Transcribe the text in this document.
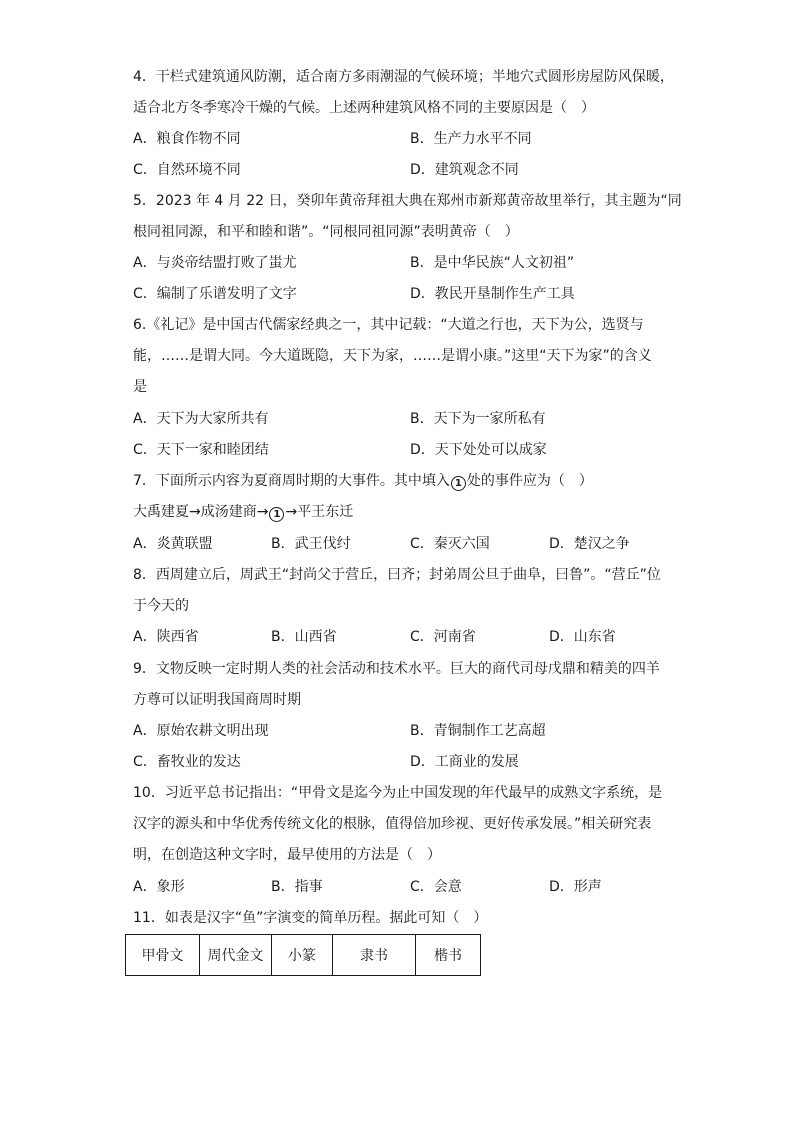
4．干栏式建筑通风防潮，适合南方多雨潮湿的气候环境；半地穴式圆形房屋防风保暖，
适合北方冬季寒冷干燥的气候。上述两种建筑风格不同的主要原因是（　）
A．粮食作物不同	B．生产力水平不同
C．自然环境不同	D．建筑观念不同
5．2023 年 4 月 22 日，癸卯年黄帝拜祖大典在郑州市新郑黄帝故里举行，其主题为“同
根同祖同源，和平和睦和谐”。“同根同祖同源”表明黄帝（　）
A．与炎帝结盟打败了蚩尤	B．是中华民族“人文初祖”
C．编制了乐谱发明了文字	D．教民开垦制作生产工具
6.《礼记》是中国古代儒家经典之一，其中记载：“大道之行也，天下为公，选贤与
能，……是谓大同。今大道既隐，天下为家，……是谓小康。”这里“天下为家”的含义
是
A．天下为大家所共有	B．天下为一家所私有
C．天下一家和睦团结	D．天下处处可以成家
7．下面所示内容为夏商周时期的大事件。其中填入 1 处的事件应为（　）
大禹建夏→成汤建商→ 1 →平王东迁
A．炎黄联盟	B．武王伐纣	C．秦灭六国	D．楚汉之争
8．西周建立后，周武王“封尚父于营丘，曰齐；封弟周公旦于曲阜，曰鲁”。“营丘”位
于今天的
A．陕西省	B．山西省	C．河南省	D．山东省
9．文物反映一定时期人类的社会活动和技术水平。巨大的商代司母戊鼎和精美的四羊
方尊可以证明我国商周时期
A．原始农耕文明出现	B．青铜制作工艺高超
C．畜牧业的发达	D．工商业的发展
10．习近平总书记指出：“甲骨文是迄今为止中国发现的年代最早的成熟文字系统，是
汉字的源头和中华优秀传统文化的根脉，值得倍加珍视、更好传承发展。”相关研究表
明，在创造这种文字时，最早使用的方法是（　）
A．象形	B．指事	C．会意	D．形声
11．如表是汉字“鱼”字演变的简单历程。据此可知（　）
甲骨文	周代金文	小篆	隶书	楷书
